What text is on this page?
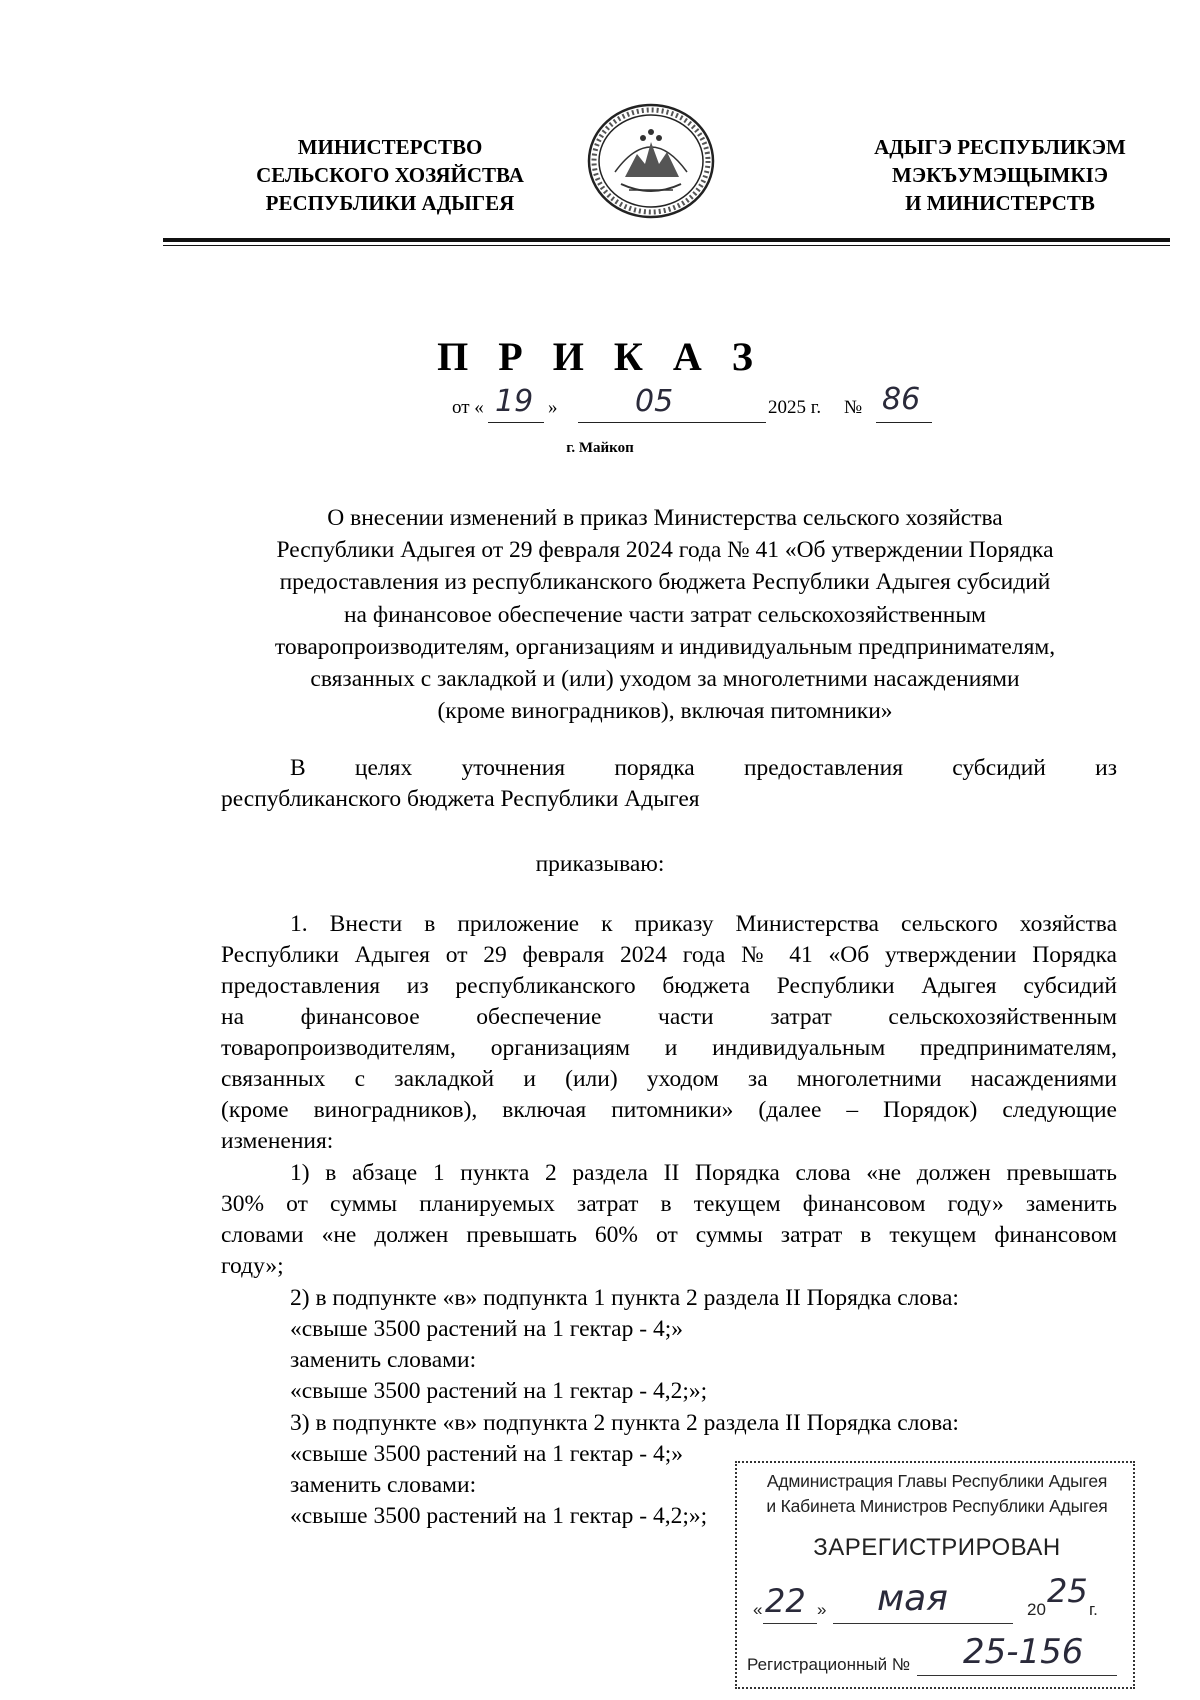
МИНИСТЕРСТВО
СЕЛЬСКОГО ХОЗЯЙСТВА
РЕСПУБЛИКИ АДЫГЕЯ
АДЫГЭ РЕСПУБЛИКЭМ
МЭКЪУМЭЩЫМКIЭ
И МИНИСТЕРСТВ
П Р И К А З
от « 19 »	05	2025 г. № 86
г. Майкоп
О внесении изменений в приказ Министерства сельского хозяйства
Республики Адыгея от 29 февраля 2024 года № 41 «Об утверждении Порядка
предоставления из республиканского бюджета Республики Адыгея субсидий
на финансовое обеспечение части затрат сельскохозяйственным
товаропроизводителям, организациям и индивидуальным предпринимателям,
связанных с закладкой и (или) уходом за многолетними насаждениями
(кроме виноградников), включая питомники»
В целях уточнения порядка предоставления субсидий из
республиканского бюджета Республики Адыгея
приказываю:
1. Внести в приложение к приказу Министерства сельского хозяйства
Республики Адыгея от 29 февраля 2024 года № 41 «Об утверждении Порядка
предоставления из республиканского бюджета Республики Адыгея субсидий
на финансовое обеспечение части затрат сельскохозяйственным
товаропроизводителям, организациям и индивидуальным предпринимателям,
связанных с закладкой и (или) уходом за многолетними насаждениями
(кроме виноградников), включая питомники» (далее – Порядок) следующие
изменения:
1) в абзаце 1 пункта 2 раздела II Порядка слова «не должен превышать
30% от суммы планируемых затрат в текущем финансовом году» заменить
словами «не должен превышать 60% от суммы затрат в текущем финансовом
году»;
2) в подпункте «в» подпункта 1 пункта 2 раздела II Порядка слова:
«свыше 3500 растений на 1 гектар - 4;»
заменить словами:
«свыше 3500 растений на 1 гектар - 4,2;»;
3) в подпункте «в» подпункта 2 пункта 2 раздела II Порядка слова:
«свыше 3500 растений на 1 гектар - 4;»
заменить словами:
«свыше 3500 растений на 1 гектар - 4,2;»;
Администрация Главы Республики Адыгея
и Кабинета Министров Республики Адыгея
ЗАРЕГИСТРИРОВАН
« 22 » мая	20 25 г.
Регистрационный № 25-156
